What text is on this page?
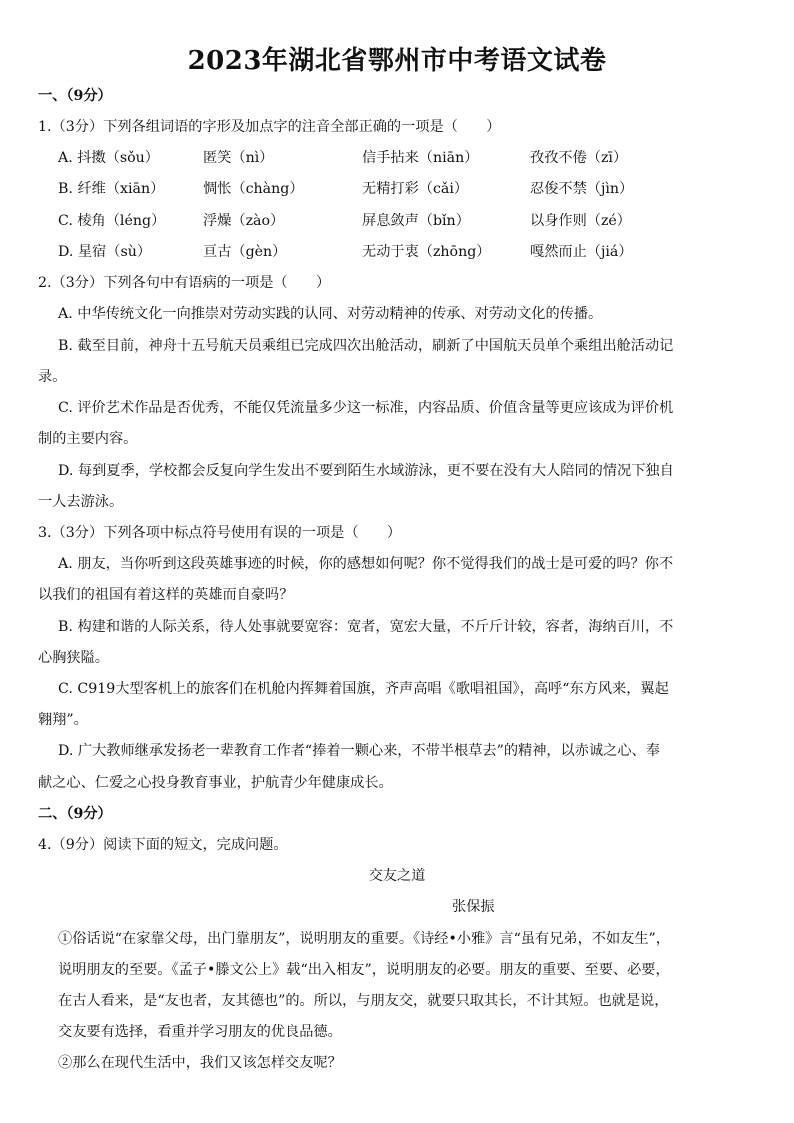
2023年湖北省鄂州市中考语文试卷
一、（9分）
1.（3分）下列各组词语的字形及加点字的注音全部正确的一项是（　　）
A. 抖擞（sǒu）	匿笑（nì）	信手拈来（niān）	孜孜不倦（zī）
B. 纤维（xiān）	惆怅（chàng）	无精打彩（cǎi）	忍俊不禁（jìn）
C. 棱角（léng）	浮燥（zào）	屏息敛声（bǐn）	以身作则（zé）
D. 星宿（sù）	亘古（gèn）	无动于衷（zhōng）	嘎然而止（jiá）
2.（3分）下列各句中有语病的一项是（　　）
A. 中华传统文化一向推崇对劳动实践的认同、对劳动精神的传承、对劳动文化的传播。
B. 截至目前，神舟十五号航天员乘组已完成四次出舱活动，刷新了中国航天员单个乘组出舱活动记
录。
C. 评价艺术作品是否优秀，不能仅凭流量多少这一标准，内容品质、价值含量等更应该成为评价机
制的主要内容。
D. 每到夏季，学校都会反复向学生发出不要到陌生水域游泳，更不要在没有大人陪同的情况下独自
一人去游泳。
3.（3分）下列各项中标点符号使用有误的一项是（　　）
A. 朋友，当你听到这段英雄事迹的时候，你的感想如何呢？你不觉得我们的战士是可爱的吗？你不
以我们的祖国有着这样的英雄而自豪吗？
B. 构建和谐的人际关系，待人处事就要宽容：宽者，宽宏大量，不斤斤计较，容者，海纳百川，不
心胸狭隘。
C. C919大型客机上的旅客们在机舱内挥舞着国旗，齐声高唱《歌唱祖国》，高呼“东方风来，翼起
翱翔”。
D. 广大教师继承发扬老一辈教育工作者“捧着一颗心来，不带半根草去”的精神，以赤诚之心、奉
献之心、仁爱之心投身教育事业，护航青少年健康成长。
二、（9分）
4.（9分）阅读下面的短文，完成问题。
交友之道
张保振
①俗话说“在家靠父母，出门靠朋友”，说明朋友的重要。《诗经•小雅》言“虽有兄弟，不如友生”，
说明朋友的至要。《孟子•滕文公上》载“出入相友”，说明朋友的必要。朋友的重要、至要、必要，
在古人看来，是“友也者，友其德也”的。所以，与朋友交，就要只取其长，不计其短。也就是说，
交友要有选择，看重并学习朋友的优良品德。
②那么在现代生活中，我们又该怎样交友呢？
